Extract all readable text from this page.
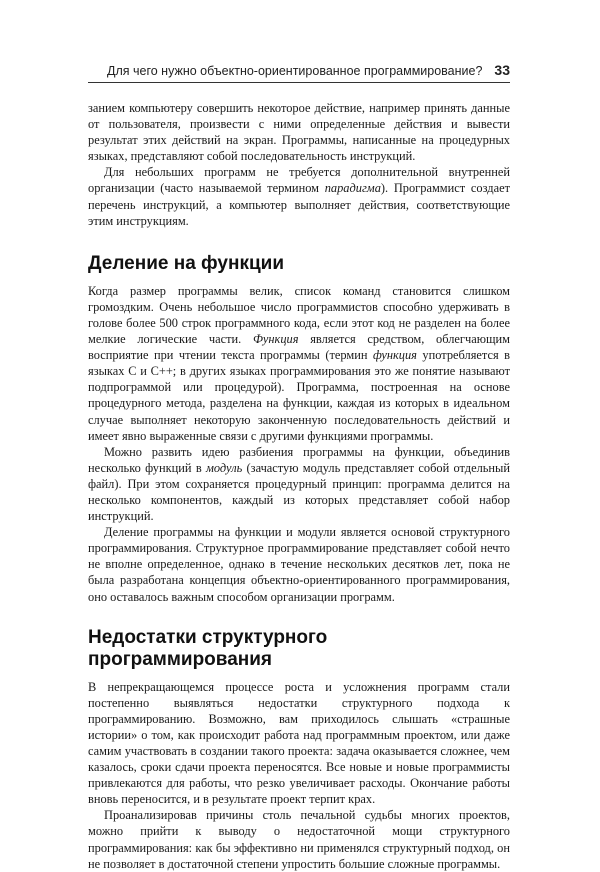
Для чего нужно объектно-ориентированное программирование? 33

занием компьютеру совершить некоторое действие, например принять данные от пользователя, произвести с ними определенные действия и вывести результат этих действий на экран. Программы, написанные на процедурных языках, представляют собой последовательность инструкций.

Для небольших программ не требуется дополнительной внутренней организации (часто называемой термином парадигма). Программист создает перечень инструкций, а компьютер выполняет действия, соответствующие этим инструкциям.

Деление на функции

Когда размер программы велик, список команд становится слишком громоздким. Очень небольшое число программистов способно удерживать в голове более 500 строк программного кода, если этот код не разделен на более мелкие логические части. Функция является средством, облегчающим восприятие при чтении текста программы (термин функция употребляется в языках С и С++; в других языках программирования это же понятие называют подпрограммой или процедурой). Программа, построенная на основе процедурного метода, разделена на функции, каждая из которых в идеальном случае выполняет некоторую законченную последовательность действий и имеет явно выраженные связи с другими функциями программы.

Можно развить идею разбиения программы на функции, объединив несколько функций в модуль (зачастую модуль представляет собой отдельный файл). При этом сохраняется процедурный принцип: программа делится на несколько компонентов, каждый из которых представляет собой набор инструкций.

Деление программы на функции и модули является основой структурного программирования. Структурное программирование представляет собой нечто не вполне определенное, однако в течение нескольких десятков лет, пока не была разработана концепция объектно-ориентированного программирования, оно оставалось важным способом организации программ.

Недостатки структурного программирования

В непрекращающемся процессе роста и усложнения программ стали постепенно выявляться недостатки структурного подхода к программированию. Возможно, вам приходилось слышать «страшные истории» о том, как происходит работа над программным проектом, или даже самим участвовать в создании такого проекта: задача оказывается сложнее, чем казалось, сроки сдачи проекта переносятся. Все новые и новые программисты привлекаются для работы, что резко увеличивает расходы. Окончание работы вновь переносится, и в результате проект терпит крах.

Проанализировав причины столь печальной судьбы многих проектов, можно прийти к выводу о недостаточной мощи структурного программирования: как бы эффективно ни применялся структурный подход, он не позволяет в достаточной степени упростить большие сложные программы.
